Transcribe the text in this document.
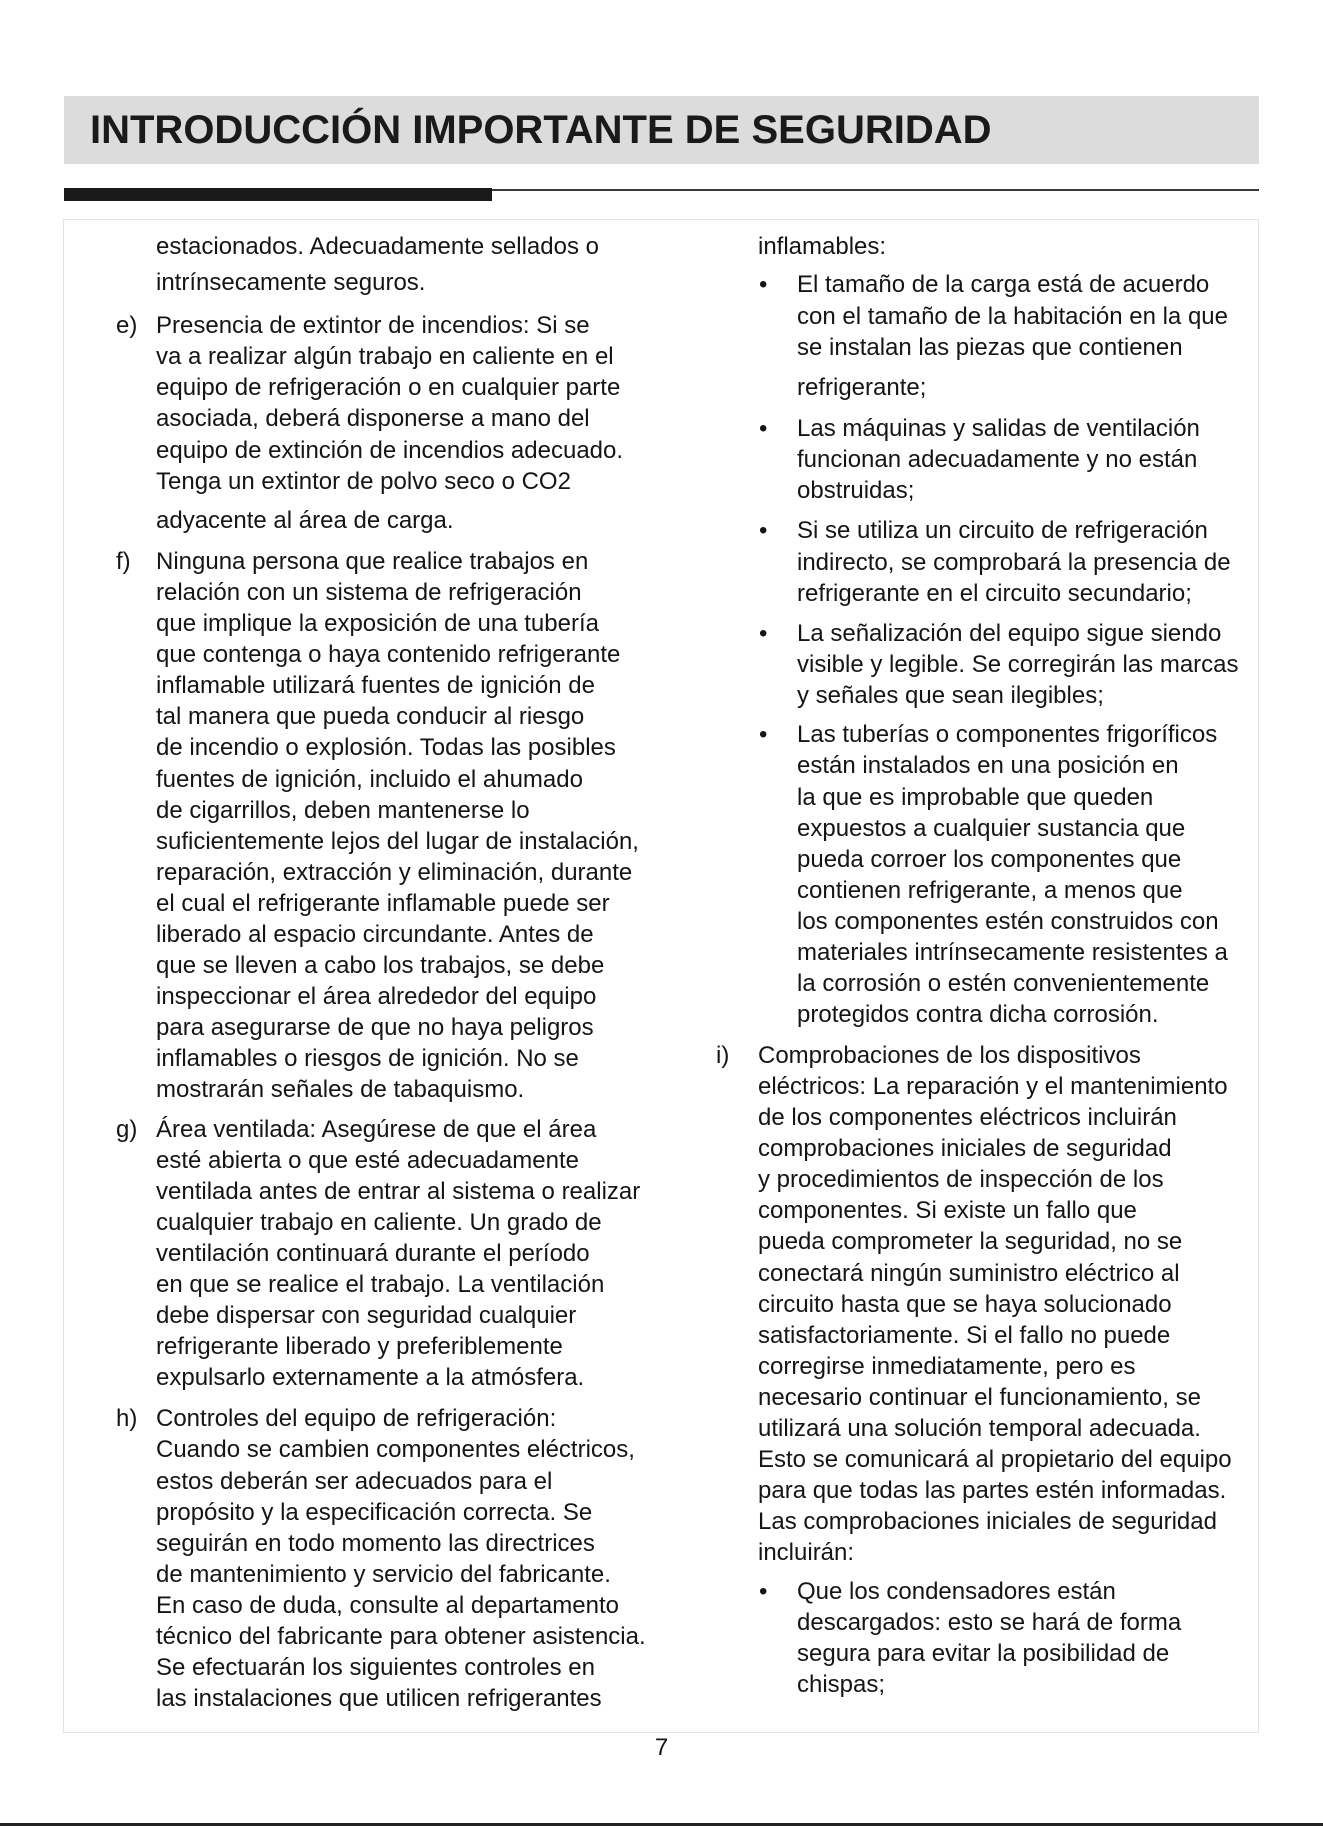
INTRODUCCIÓN IMPORTANTE DE SEGURIDAD
estacionados. Adecuadamente sellados o
intrínsecamente seguros.
e) Presencia de extintor de incendios: Si se
va a realizar algún trabajo en caliente en el
equipo de refrigeración o en cualquier parte
asociada, deberá disponerse a mano del
equipo de extinción de incendios adecuado.
Tenga un extintor de polvo seco o CO2
adyacente al área de carga.
f) Ninguna persona que realice trabajos en
relación con un sistema de refrigeración
que implique la exposición de una tubería
que contenga o haya contenido refrigerante
inflamable utilizará fuentes de ignición de
tal manera que pueda conducir al riesgo
de incendio o explosión. Todas las posibles
fuentes de ignición, incluido el ahumado
de cigarrillos, deben mantenerse lo
suficientemente lejos del lugar de instalación,
reparación, extracción y eliminación, durante
el cual el refrigerante inflamable puede ser
liberado al espacio circundante. Antes de
que se lleven a cabo los trabajos, se debe
inspeccionar el área alrededor del equipo
para asegurarse de que no haya peligros
inflamables o riesgos de ignición. No se
mostrarán señales de tabaquismo.
g) Área ventilada: Asegúrese de que el área
esté abierta o que esté adecuadamente
ventilada antes de entrar al sistema o realizar
cualquier trabajo en caliente. Un grado de
ventilación continuará durante el período
en que se realice el trabajo. La ventilación
debe dispersar con seguridad cualquier
refrigerante liberado y preferiblemente
expulsarlo externamente a la atmósfera.
h) Controles del equipo de refrigeración:
Cuando se cambien componentes eléctricos,
estos deberán ser adecuados para el
propósito y la especificación correcta. Se
seguirán en todo momento las directrices
de mantenimiento y servicio del fabricante.
En caso de duda, consulte al departamento
técnico del fabricante para obtener asistencia.
Se efectuarán los siguientes controles en
las instalaciones que utilicen refrigerantes
inflamables:
• El tamaño de la carga está de acuerdo
con el tamaño de la habitación en la que
se instalan las piezas que contienen
refrigerante;
• Las máquinas y salidas de ventilación
funcionan adecuadamente y no están
obstruidas;
• Si se utiliza un circuito de refrigeración
indirecto, se comprobará la presencia de
refrigerante en el circuito secundario;
• La señalización del equipo sigue siendo
visible y legible. Se corregirán las marcas
y señales que sean ilegibles;
• Las tuberías o componentes frigoríficos
están instalados en una posición en
la que es improbable que queden
expuestos a cualquier sustancia que
pueda corroer los componentes que
contienen refrigerante, a menos que
los componentes estén construidos con
materiales intrínsecamente resistentes a
la corrosión o estén convenientemente
protegidos contra dicha corrosión.
i) Comprobaciones de los dispositivos
eléctricos: La reparación y el mantenimiento
de los componentes eléctricos incluirán
comprobaciones iniciales de seguridad
y procedimientos de inspección de los
componentes. Si existe un fallo que
pueda comprometer la seguridad, no se
conectará ningún suministro eléctrico al
circuito hasta que se haya solucionado
satisfactoriamente. Si el fallo no puede
corregirse inmediatamente, pero es
necesario continuar el funcionamiento, se
utilizará una solución temporal adecuada.
Esto se comunicará al propietario del equipo
para que todas las partes estén informadas.
Las comprobaciones iniciales de seguridad
incluirán:
• Que los condensadores están
descargados: esto se hará de forma
segura para evitar la posibilidad de
chispas;
7
